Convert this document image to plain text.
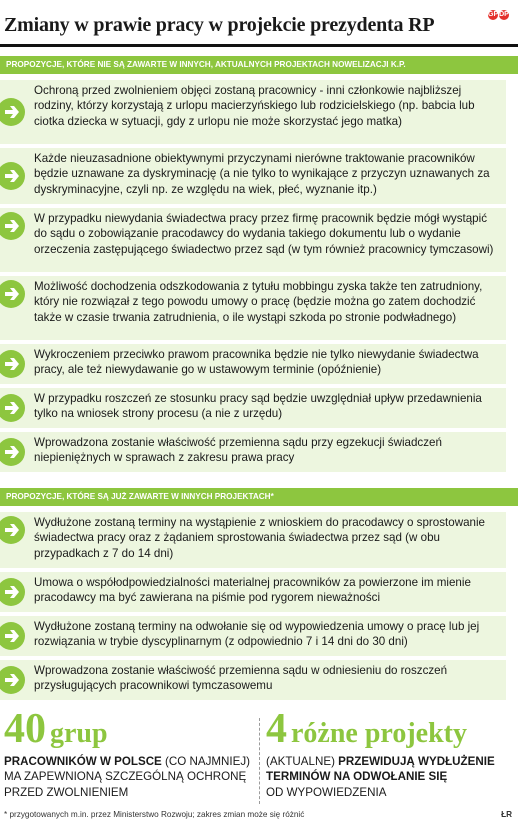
Zmiany w prawie pracy w projekcie prezydenta RP	GP DP
PROPOZYCJE, KTÓRE NIE SĄ ZAWARTE W INNYCH, AKTUALNYCH PROJEKTACH NOWELIZACJI K.P.
Ochroną przed zwolnieniem objęci zostaną pracownicy - inni członkowie najbliższej rodziny, którzy korzystają z urlopu macierzyńskiego lub rodzicielskiego (np. babcia lub ciotka dziecka w sytuacji, gdy z urlopu nie może skorzystać jego matka)
Każde nieuzasadnione obiektywnymi przyczynami nierówne traktowanie pracowników będzie uznawane za dyskryminację (a nie tylko to wynikające z przyczyn uznawanych za dyskryminacyjne, czyli np. ze względu na wiek, płeć, wyznanie itp.)
W przypadku niewydania świadectwa pracy przez firmę pracownik będzie mógł wystąpić do sądu o zobowiązanie pracodawcy do wydania takiego dokumentu lub o wydanie orzeczenia zastępującego świadectwo przez sąd (w tym również pracownicy tymczasowi)
Możliwość dochodzenia odszkodowania z tytułu mobbingu zyska także ten zatrudniony, który nie rozwiązał z tego powodu umowy o pracę (będzie można go zatem dochodzić także w czasie trwania zatrudnienia, o ile wystąpi szkoda po stronie podwładnego)
Wykroczeniem przeciwko prawom pracownika będzie nie tylko niewydanie świadectwa pracy, ale też niewydawanie go w ustawowym terminie (opóźnienie)
W przypadku roszczeń ze stosunku pracy sąd będzie uwzględniał upływ przedawnienia tylko na wniosek strony procesu (a nie z urzędu)
Wprowadzona zostanie właściwość przemienna sądu przy egzekucji świadczeń niepieniężnych w sprawach z zakresu prawa pracy
PROPOZYCJE, KTÓRE SĄ JUŻ ZAWARTE W INNYCH PROJEKTACH*
Wydłużone zostaną terminy na wystąpienie z wnioskiem do pracodawcy o sprostowanie świadectwa pracy oraz z żądaniem sprostowania świadectwa przez sąd (w obu przypadkach z 7 do 14 dni)
Umowa o współodpowiedzialności materialnej pracowników za powierzone im mienie pracodawcy ma być zawierana na piśmie pod rygorem nieważności
Wydłużone zostaną terminy na odwołanie się od wypowiedzenia umowy o pracę lub jej rozwiązania w trybie dyscyplinarnym (z odpowiednio 7 i 14 dni do 30 dni)
Wprowadzona zostanie właściwość przemienna sądu w odniesieniu do roszczeń przysługujących pracownikowi tymczasowemu
40 grup
PRACOWNIKÓW W POLSCE (CO NAJMNIEJ)
MA ZAPEWNIONĄ SZCZEGÓLNĄ OCHRONĘ
PRZED ZWOLNIENIEM
4 różne projekty
(AKTUALNE) PRZEWIDUJĄ WYDŁUŻENIE
TERMINÓW NA ODWOŁANIE SIĘ
OD WYPOWIEDZENIA
* przygotowanych m.in. przez Ministerstwo Rozwoju; zakres zmian może się różnić	ŁR
